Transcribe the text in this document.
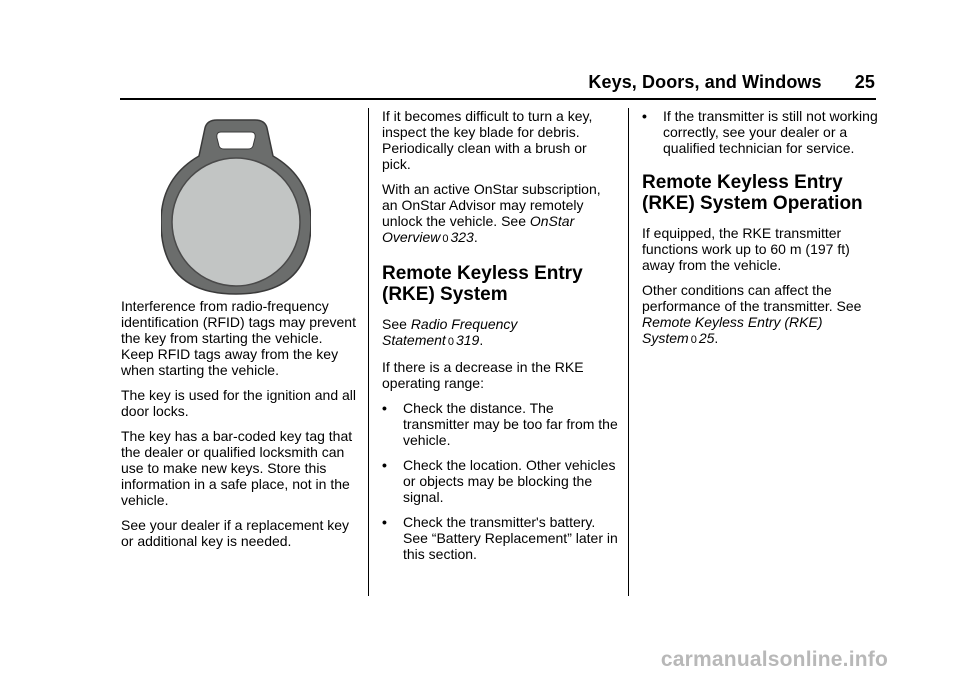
Keys, Doors, and Windows 25

Interference from radio-frequency identification (RFID) tags may prevent the key from starting the vehicle. Keep RFID tags away from the key when starting the vehicle.

The key is used for the ignition and all door locks.

The key has a bar-coded key tag that the dealer or qualified locksmith can use to make new keys. Store this information in a safe place, not in the vehicle.

See your dealer if a replacement key or additional key is needed.

If it becomes difficult to turn a key, inspect the key blade for debris. Periodically clean with a brush or pick.

With an active OnStar subscription, an OnStar Advisor may remotely unlock the vehicle. See OnStar Overview 0 323.

Remote Keyless Entry (RKE) System

See Radio Frequency Statement 0 319.

If there is a decrease in the RKE operating range:

• Check the distance. The transmitter may be too far from the vehicle.
• Check the location. Other vehicles or objects may be blocking the signal.
• Check the transmitter's battery. See “Battery Replacement” later in this section.
• If the transmitter is still not working correctly, see your dealer or a qualified technician for service.
Remote Keyless Entry (RKE) System Operation

If equipped, the RKE transmitter functions work up to 60 m (197 ft) away from the vehicle.

Other conditions can affect the performance of the transmitter. See Remote Keyless Entry (RKE) System 0 25.

carmanualsonline.info
